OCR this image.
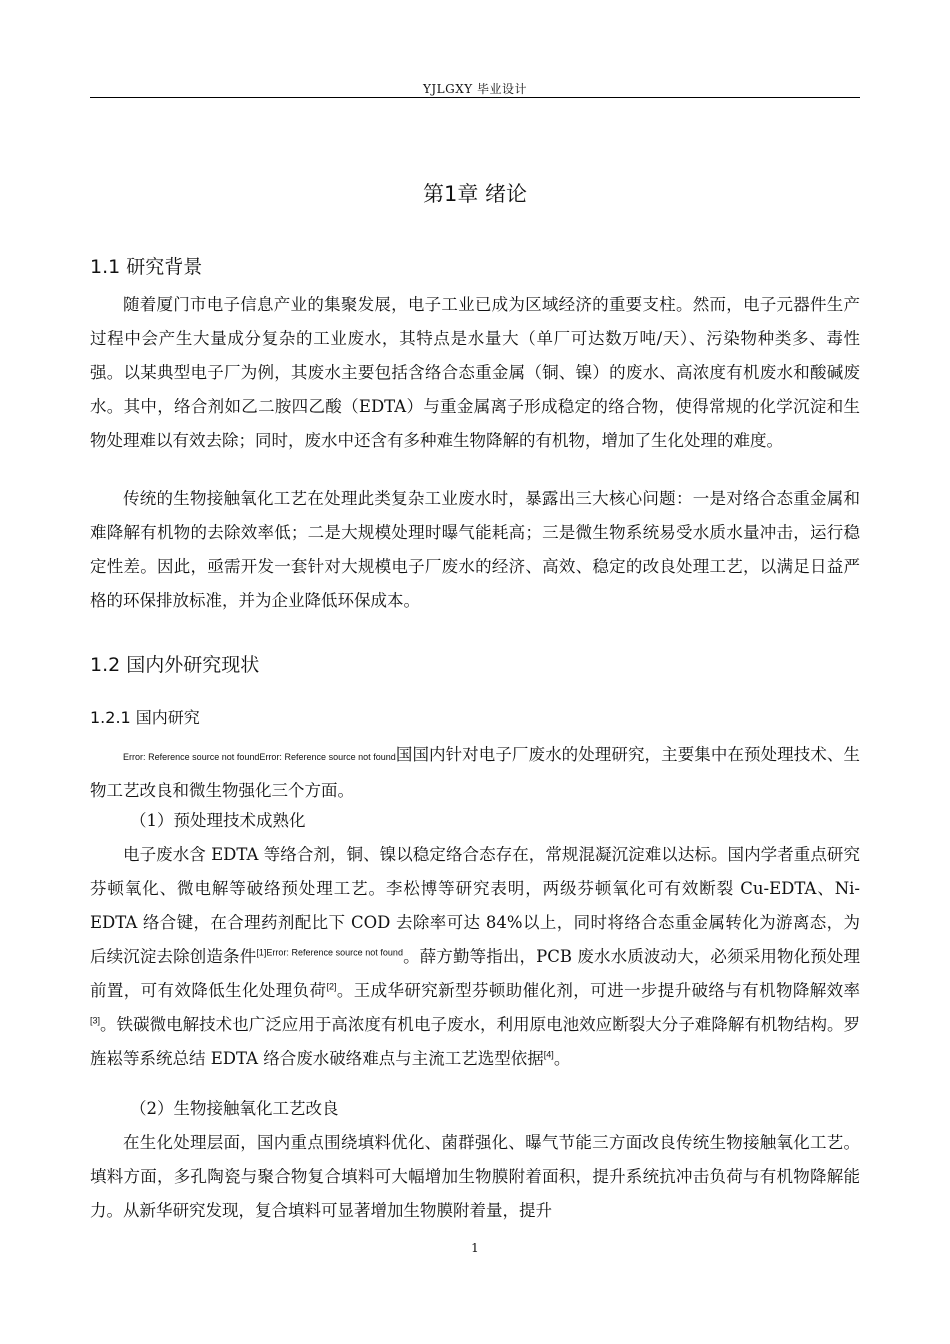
YJLGXY 毕业设计
第1章 绪论
1.1 研究背景

随着厦门市电子信息产业的集聚发展，电子工业已成为区域经济的重要支柱。然而，电子元器件生产过程中会产生大量成分复杂的工业废水，其特点是水量大（单厂可达数万吨/天）、污染物种类多、毒性强。以某典型电子厂为例，其废水主要包括含络合态重金属（铜、镍）的废水、高浓度有机废水和酸碱废水。其中，络合剂如乙二胺四乙酸（EDTA）与重金属离子形成稳定的络合物，使得常规的化学沉淀和生物处理难以有效去除；同时，废水中还含有多种难生物降解的有机物，增加了生化处理的难度。

传统的生物接触氧化工艺在处理此类复杂工业废水时，暴露出三大核心问题：一是对络合态重金属和难降解有机物的去除效率低；二是大规模处理时曝气能耗高；三是微生物系统易受水质水量冲击，运行稳定性差。因此，亟需开发一套针对大规模电子厂废水的经济、高效、稳定的改良处理工艺，以满足日益严格的环保排放标准，并为企业降低环保成本。

1.2 国内外研究现状
1.2.1 国内研究

Error: Reference source not foundError: Reference source not found国国内针对电子厂废水的处理研究，主要集中在预处理技术、生物工艺改良和微生物强化三个方面。

（1）预处理技术成熟化

电子废水含 EDTA 等络合剂，铜、镍以稳定络合态存在，常规混凝沉淀难以达标。国内学者重点研究芬顿氧化、微电解等破络预处理工艺。李松博等研究表明，两级芬顿氧化可有效断裂 Cu-EDTA、Ni-EDTA 络合键，在合理药剂配比下 COD 去除率可达 84%以上，同时将络合态重金属转化为游离态，为后续沉淀去除创造条件$^{[1]Error: Reference source not found}$。薛方勤等指出，PCB 废水水质波动大，必须采用物化预处理前置，可有效降低生化处理负荷[2]。王成华研究新型芬顿助催化剂，可进一步提升破络与有机物降解效率[3]。铁碳微电解技术也广泛应用于高浓度有机电子废水，利用原电池效应断裂大分子难降解有机物结构。罗旌崧等系统总结 EDTA 络合废水破络难点与主流工艺选型依据[4]。

（2）生物接触氧化工艺改良

在生化处理层面，国内重点围绕填料优化、菌群强化、曝气节能三方面改良传统生物接触氧化工艺。填料方面，多孔陶瓷与聚合物复合填料可大幅增加生物膜附着面积，提升系统抗冲击负荷与有机物降解能力。从新华研究发现，复合填料可显著增加生物膜附着量，提升

1
